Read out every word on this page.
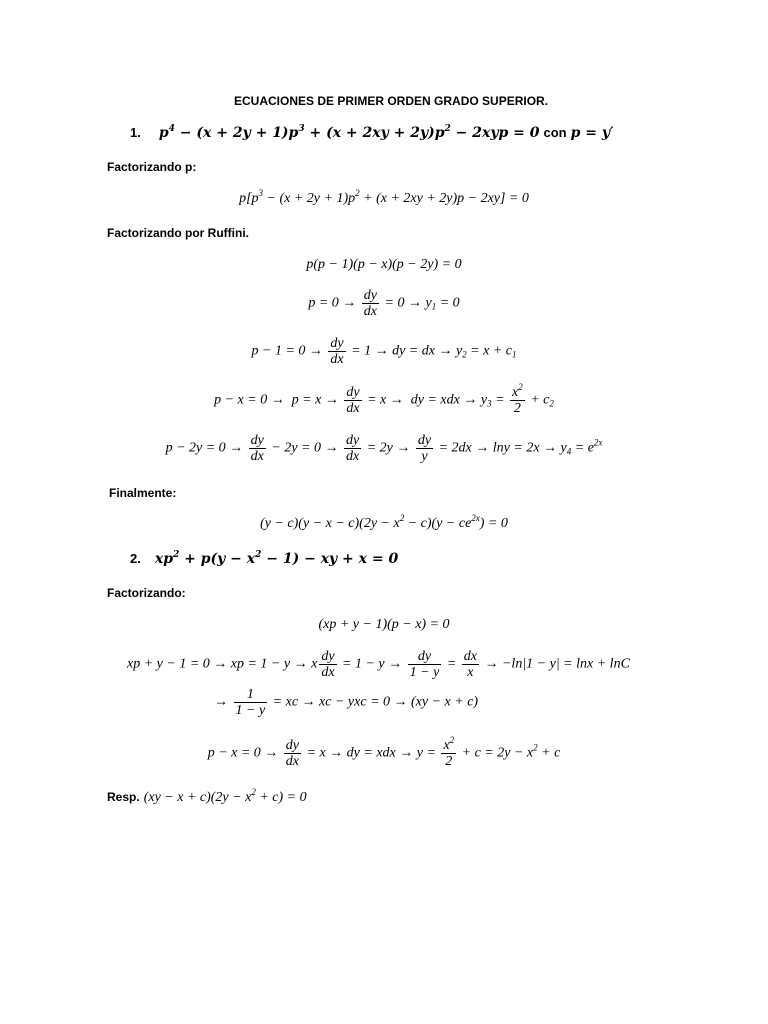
ECUACIONES DE PRIMER ORDEN GRADO SUPERIOR.
1. $p^4 - (x + 2y + 1)p^3 + (x + 2xy + 2y)p^2 - 2xyp = 0$ con p = y′
Factorizando p:
$p[p^3 - (x + 2y + 1)p^2 + (x + 2xy + 2y)p - 2xy] = 0$
Factorizando por Ruffini.
p(p − 1)(p − x)(p − 2y) = 0
$p = 0 \to \frac{dy}{dx} = 0 \to y_1 = 0$
$p - 1 = 0 \to \frac{dy}{dx} = 1$ → dy = dx → $y_2 = x + c_1$
$p - x = 0 \to p = x \to \frac{dy}{dx} = x$ →  dy = xdx → $y_3 = \frac{x^2}{2} + c_2$
$p - 2y = 0 \to \frac{dy}{dx} - 2y = 0 \to \frac{dy}{dx} = 2y \to \frac{dy}{y} = 2dx \to \ln y = 2x \to y_4 = e^{2x}$
Finalmente:
$(y - c)(y - x - c)(2y - x^2 - c)(y - ce^{2x}) = 0$
2. $xp^2 + p(y - x^2 - 1)$ − xy + x = 0
Factorizando:
(xp + y − 1)(p − x) = 0
xp + y − 1 = 0 → xp = 1 − y → x $\frac{dy}{dx} = 1 - y \to \frac{dy}{1 - y} = \frac{dx}{x} \to -\ln|1 - y| = \ln x + \ln C$
→ $\frac{1}{1 - y}$ = xc → xc − yxc = 0 → (xy − x + c)
$p - x = 0 \to \frac{dy}{dx} = x$ → dy = xdx → $y = \frac{x^2}{2} + c = 2y - x^2 + c$
Resp. $(xy - x + c)(2y - x^2 + c) = 0$
